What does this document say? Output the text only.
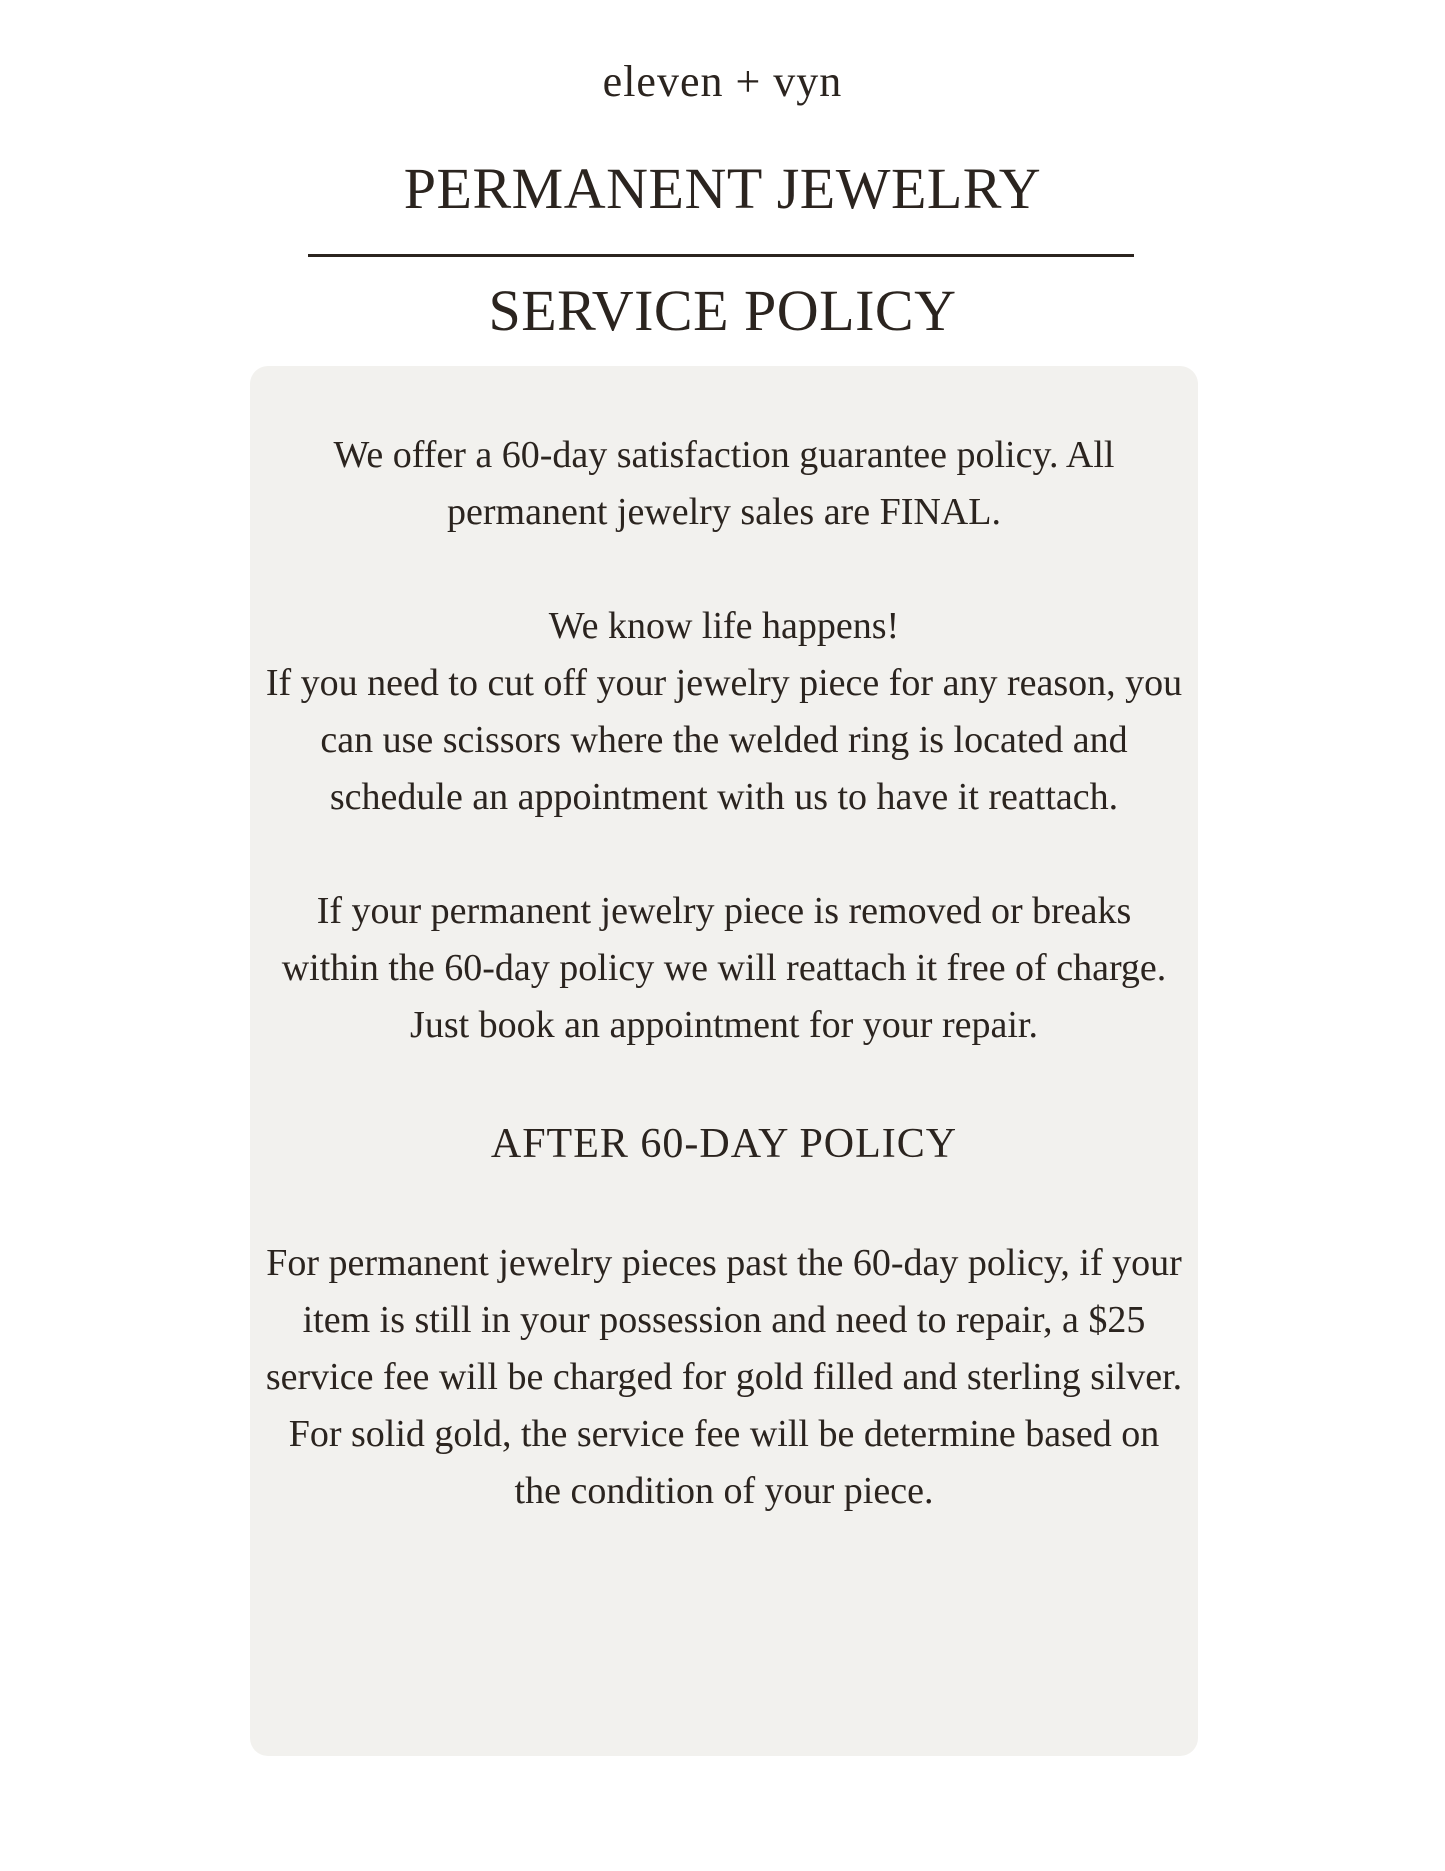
eleven + vyn
PERMANENT JEWELRY
SERVICE POLICY

We offer a 60-day satisfaction guarantee policy. All permanent jewelry sales are FINAL.

We know life happens!

If you need to cut off your jewelry piece for any reason, you can use scissors where the welded ring is located and schedule an appointment with us to have it reattach.

If your permanent jewelry piece is removed or breaks within the 60-day policy we will reattach it free of charge. Just book an appointment for your repair.

AFTER 60-DAY POLICY

For permanent jewelry pieces past the 60-day policy, if your item is still in your possession and need to repair, a $25 service fee will be charged for gold filled and sterling silver. For solid gold, the service fee will be determine based on the condition of your piece.
